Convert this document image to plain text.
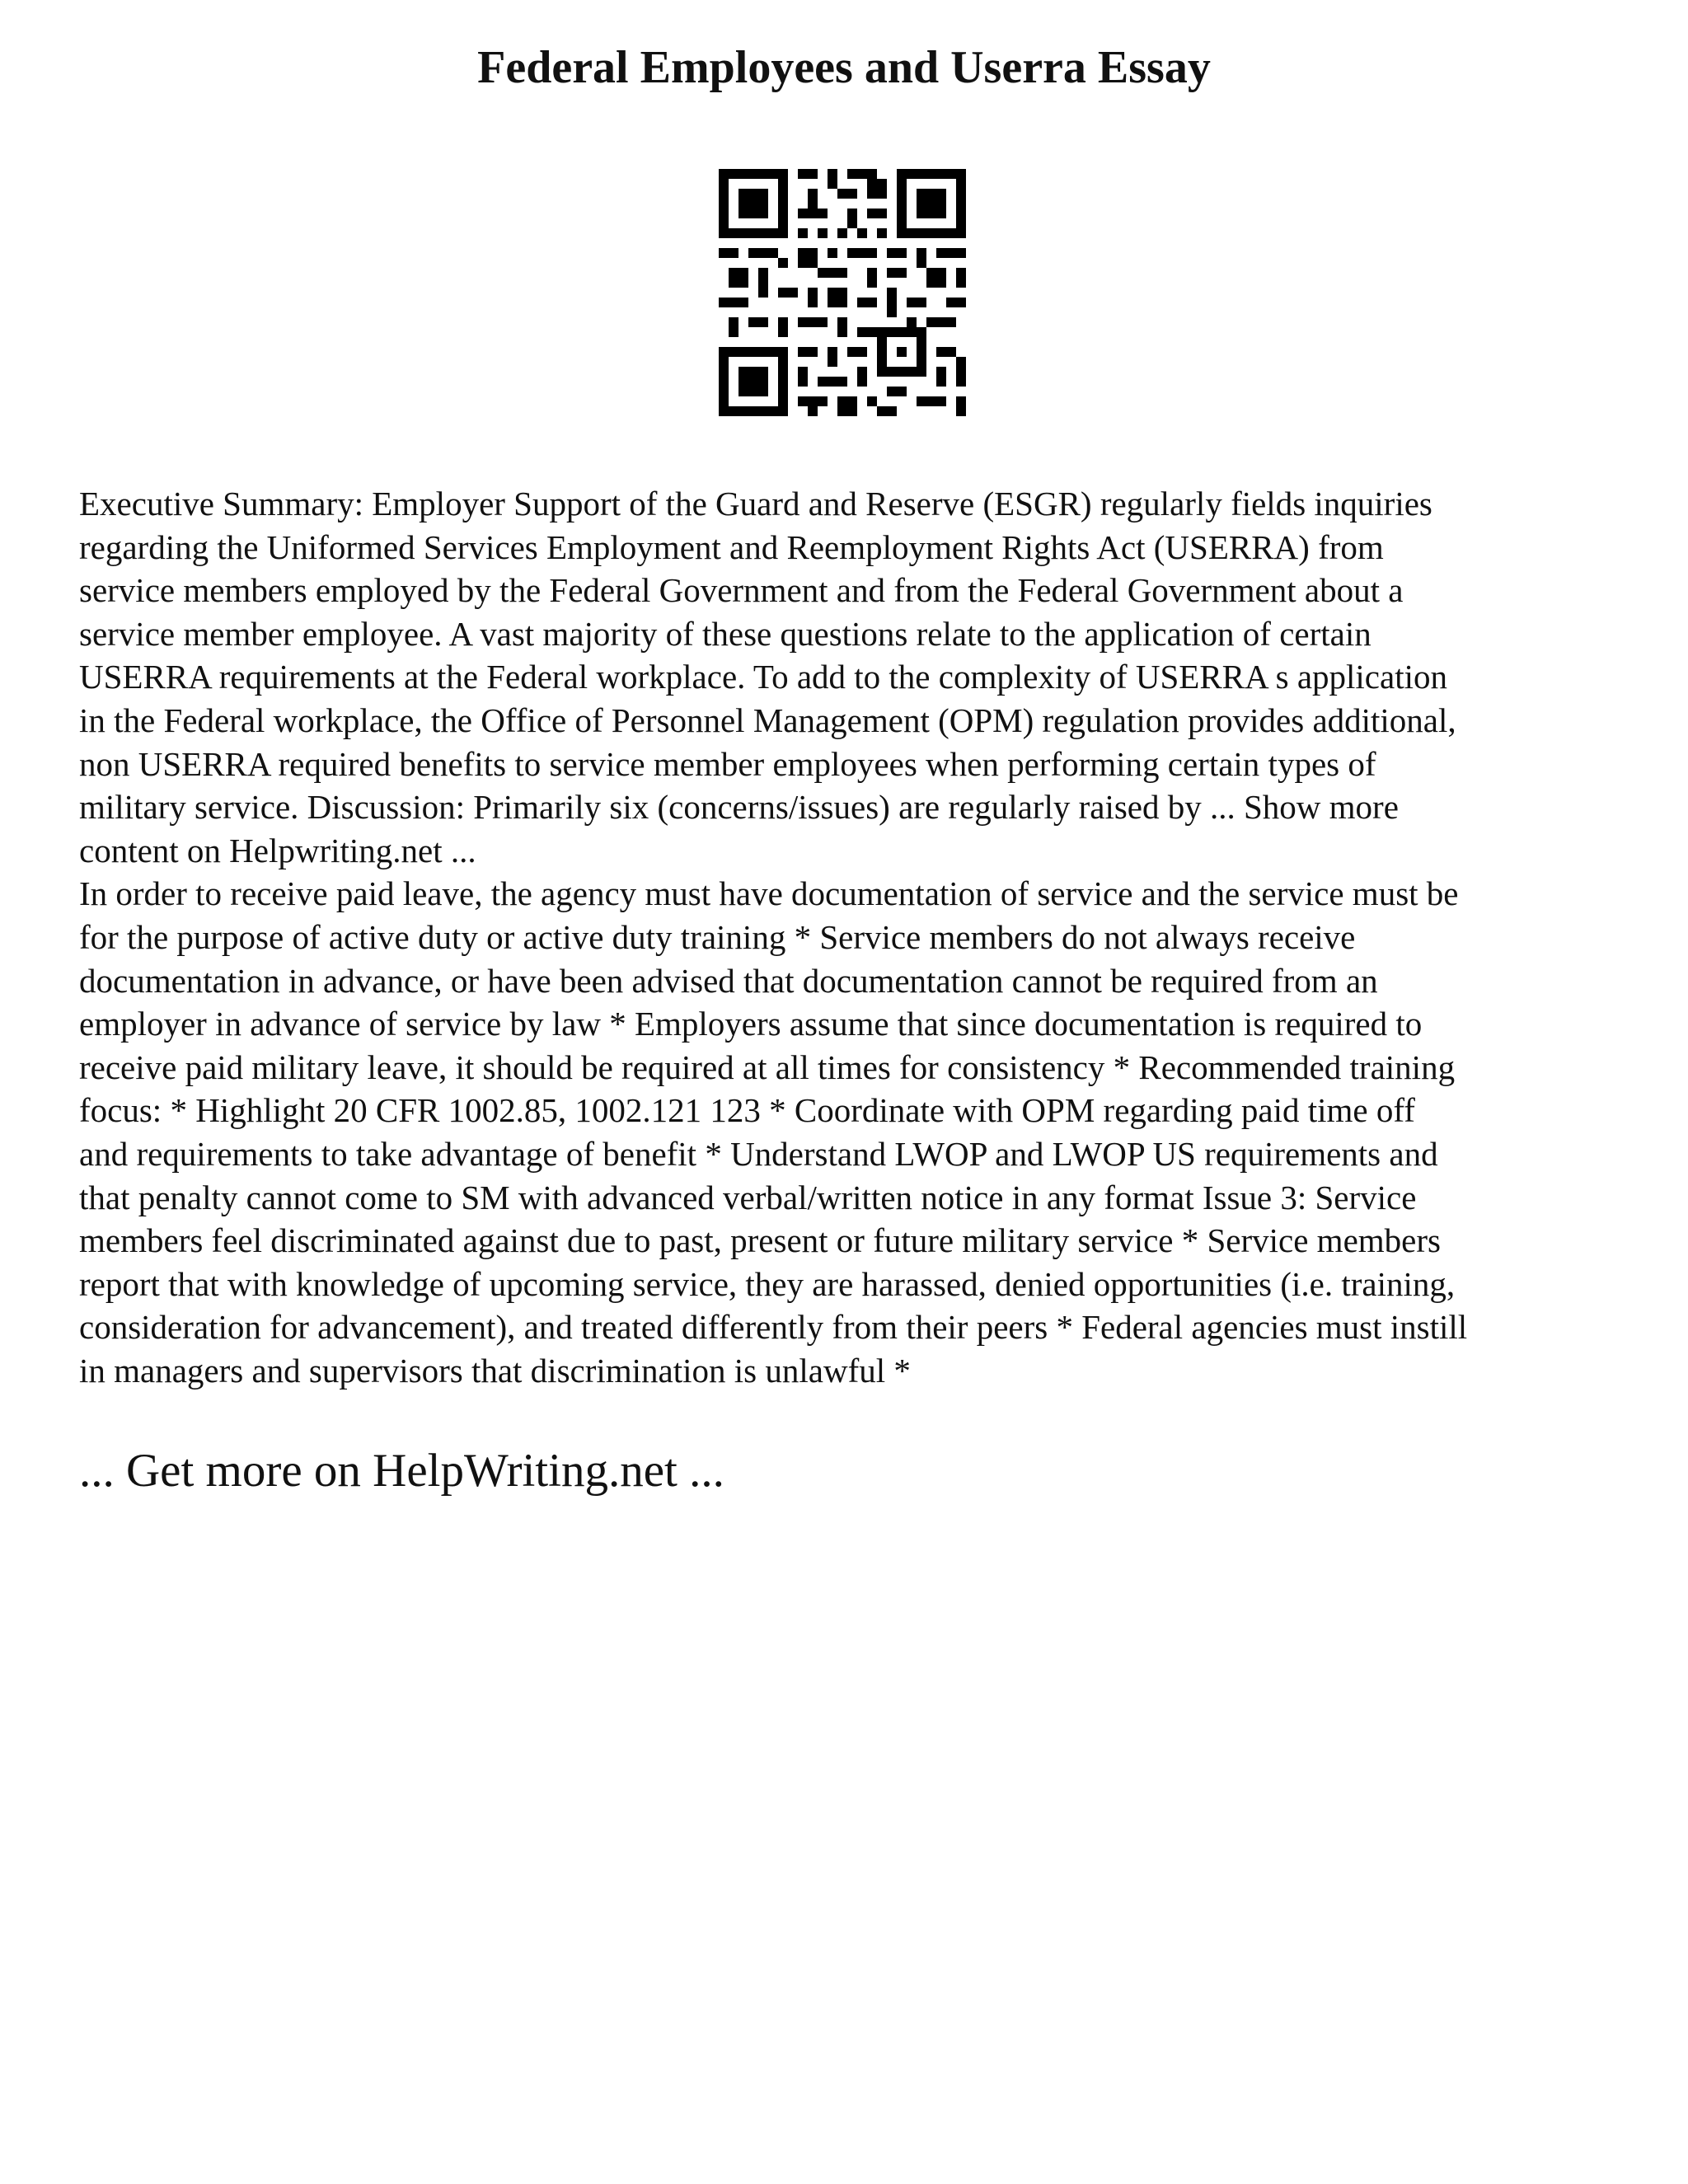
Federal Employees and Userra Essay

Executive Summary: Employer Support of the Guard and Reserve (ESGR) regularly fields inquiries
regarding the Uniformed Services Employment and Reemployment Rights Act (USERRA) from
service members employed by the Federal Government and from the Federal Government about a
service member employee. A vast majority of these questions relate to the application of certain
USERRA requirements at the Federal workplace. To add to the complexity of USERRA s application
in the Federal workplace, the Office of Personnel Management (OPM) regulation provides additional,
non USERRA required benefits to service member employees when performing certain types of
military service. Discussion: Primarily six (concerns/issues) are regularly raised by ... Show more
content on Helpwriting.net ...

In order to receive paid leave, the agency must have documentation of service and the service must be
for the purpose of active duty or active duty training * Service members do not always receive
documentation in advance, or have been advised that documentation cannot be required from an
employer in advance of service by law * Employers assume that since documentation is required to
receive paid military leave, it should be required at all times for consistency * Recommended training
focus: * Highlight 20 CFR 1002.85, 1002.121 123 * Coordinate with OPM regarding paid time off
and requirements to take advantage of benefit * Understand LWOP and LWOP US requirements and
that penalty cannot come to SM with advanced verbal/written notice in any format Issue 3: Service
members feel discriminated against due to past, present or future military service * Service members
report that with knowledge of upcoming service, they are harassed, denied opportunities (i.e. training,
consideration for advancement), and treated differently from their peers * Federal agencies must instill
in managers and supervisors that discrimination is unlawful *

... Get more on HelpWriting.net ...
